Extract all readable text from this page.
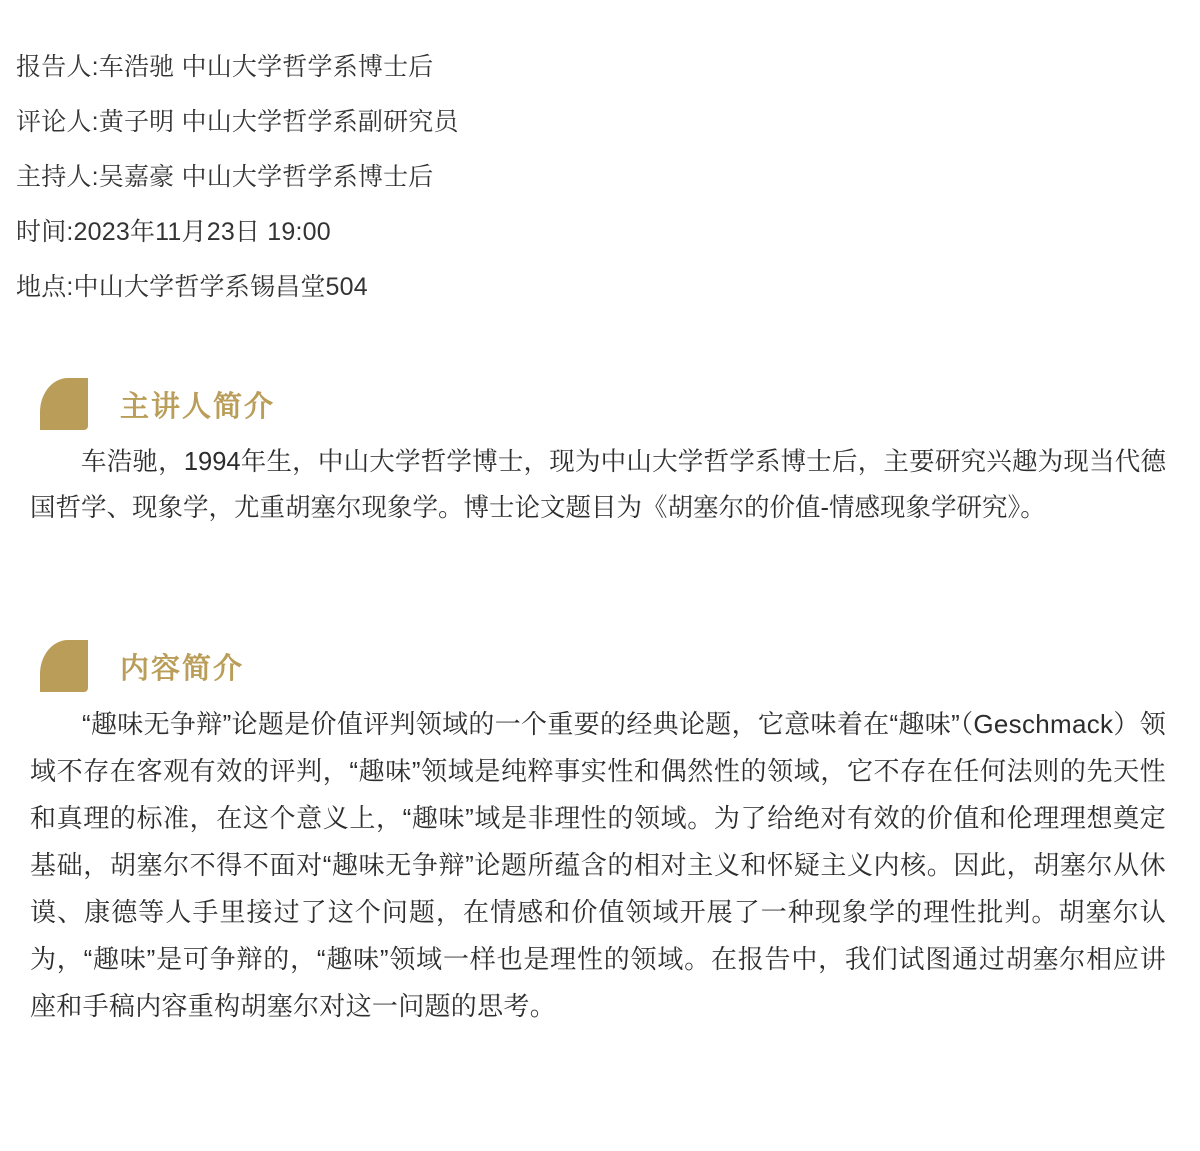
报告人:车浩驰 中山大学哲学系博士后
评论人:黄子明 中山大学哲学系副研究员
主持人:吴嘉豪 中山大学哲学系博士后
时间:2023年11月23日 19:00
地点:中山大学哲学系锡昌堂504
主讲人简介

车浩驰，1994年生，中山大学哲学博士，现为中山大学哲学系博士后，主要研究兴趣为现当代德国哲学、现象学，尤重胡塞尔现象学。博士论文题目为《胡塞尔的价值-情感现象学研究》。

内容简介

“趣味无争辩”论题是价值评判领域的一个重要的经典论题，它意味着在“趣味”（Geschmack）领域不存在客观有效的评判，“趣味”领域是纯粹事实性和偶然性的领域，它不存在任何法则的先天性和真理的标准，在这个意义上，“趣味”域是非理性的领域。为了给绝对有效的价值和伦理理想奠定基础，胡塞尔不得不面对“趣味无争辩”论题所蕴含的相对主义和怀疑主义内核。因此，胡塞尔从休谟、康德等人手里接过了这个问题，在情感和价值领域开展了一种现象学的理性批判。胡塞尔认为，“趣味”是可争辩的，“趣味”领域一样也是理性的领域。在报告中，我们试图通过胡塞尔相应讲座和手稿内容重构胡塞尔对这一问题的思考。
